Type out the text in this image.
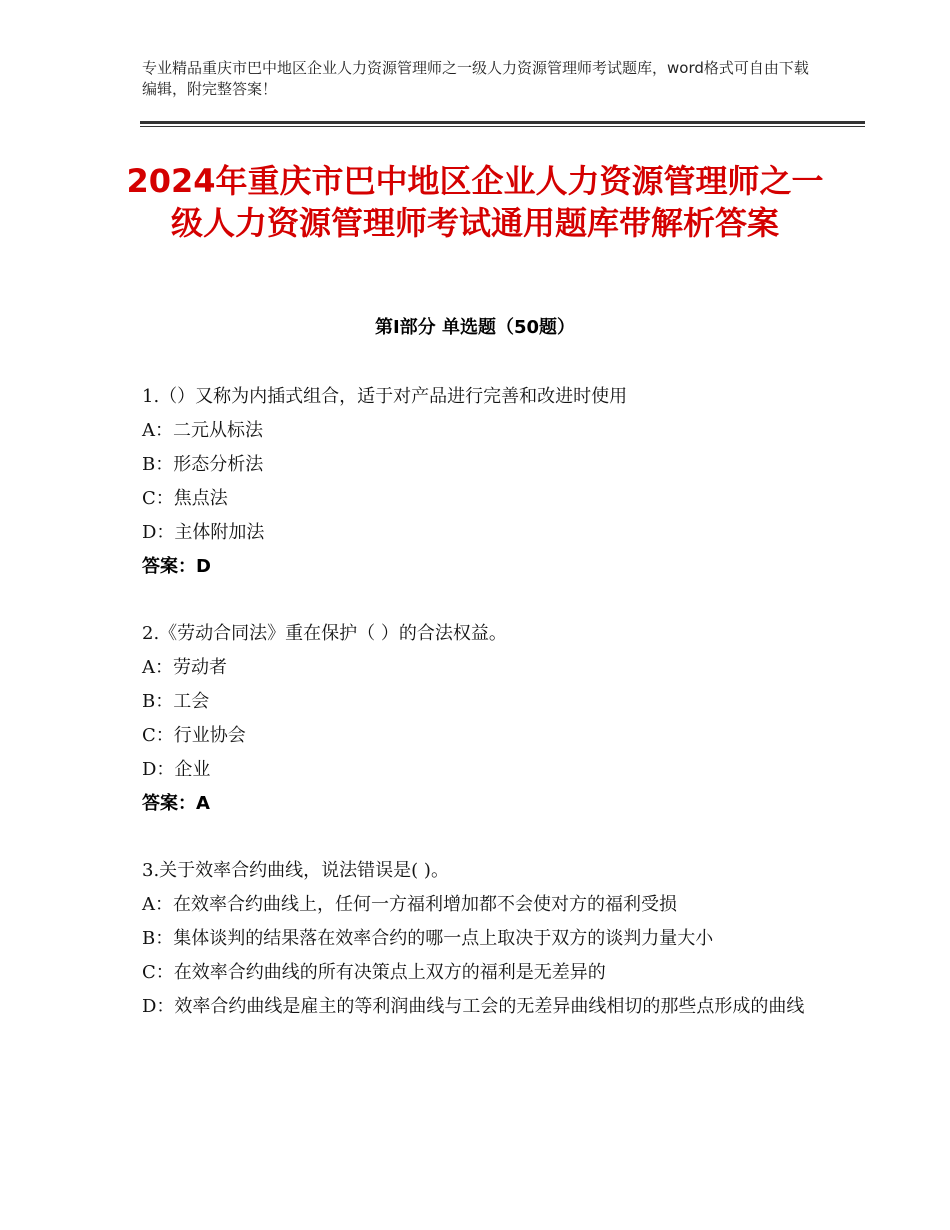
专业精品重庆市巴中地区企业人力资源管理师之一级人力资源管理师考试题库，word格式可自由下载编辑，附完整答案！
2024年重庆市巴中地区企业人力资源管理师之一级人力资源管理师考试通用题库带解析答案
第Ⅰ部分 单选题（50题）

1.（）又称为内插式组合，适于对产品进行完善和改进时使用

A：二元从标法

B：形态分析法

C：焦点法

D：主体附加法

答案：D

2.《劳动合同法》重在保护（ ）的合法权益。

A：劳动者

B：工会

C：行业协会

D：企业

答案：A

3.关于效率合约曲线，说法错误是( )。

A：在效率合约曲线上，任何一方福利增加都不会使对方的福利受损

B：集体谈判的结果落在效率合约的哪一点上取决于双方的谈判力量大小

C：在效率合约曲线的所有决策点上双方的福利是无差异的

D：效率合约曲线是雇主的等利润曲线与工会的无差异曲线相切的那些点形成的曲线
